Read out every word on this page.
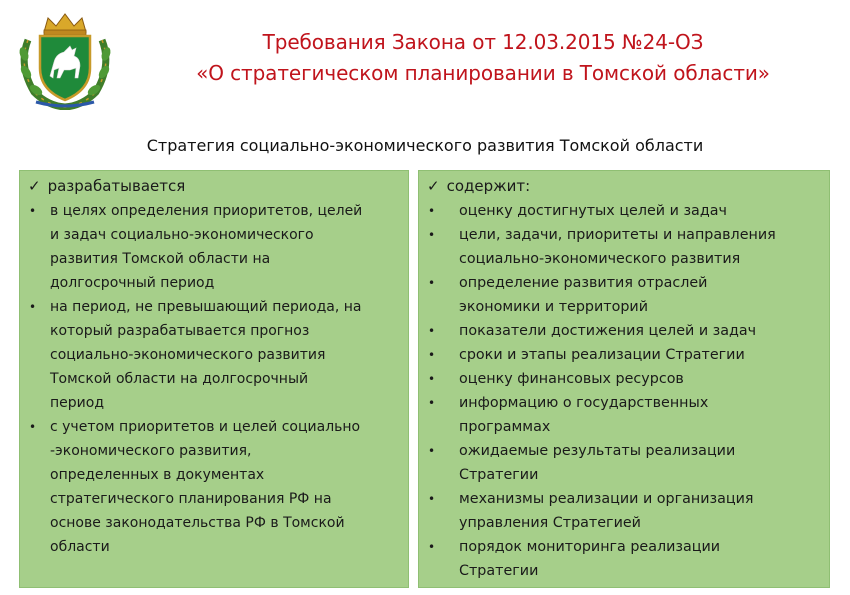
Требования Закона от 12.03.2015 №24-ОЗ
«О стратегическом планировании в Томской области»
Стратегия социально-экономического развития Томской области
✓ разрабатывается
• в целях определения приоритетов, целей
и задач социально-экономического
развития Томской области на
долгосрочный период
• на период, не превышающий периода, на
который разрабатывается прогноз
социально-экономического развития
Томской области на долгосрочный
период
• с учетом приоритетов и целей социально
-экономического развития,
определенных в документах
стратегического планирования РФ на
основе законодательства РФ в Томской
области
✓ содержит:
• оценку достигнутых целей и задач
• цели, задачи, приоритеты и направления
социально-экономического развития
• определение развития отраслей
экономики и территорий
• показатели достижения целей и задач
• сроки и этапы реализации Стратегии
• оценку финансовых ресурсов
• информацию о государственных
программах
• ожидаемые результаты реализации
Стратегии
• механизмы реализации и организация
управления Стратегией
• порядок мониторинга реализации
Стратегии
